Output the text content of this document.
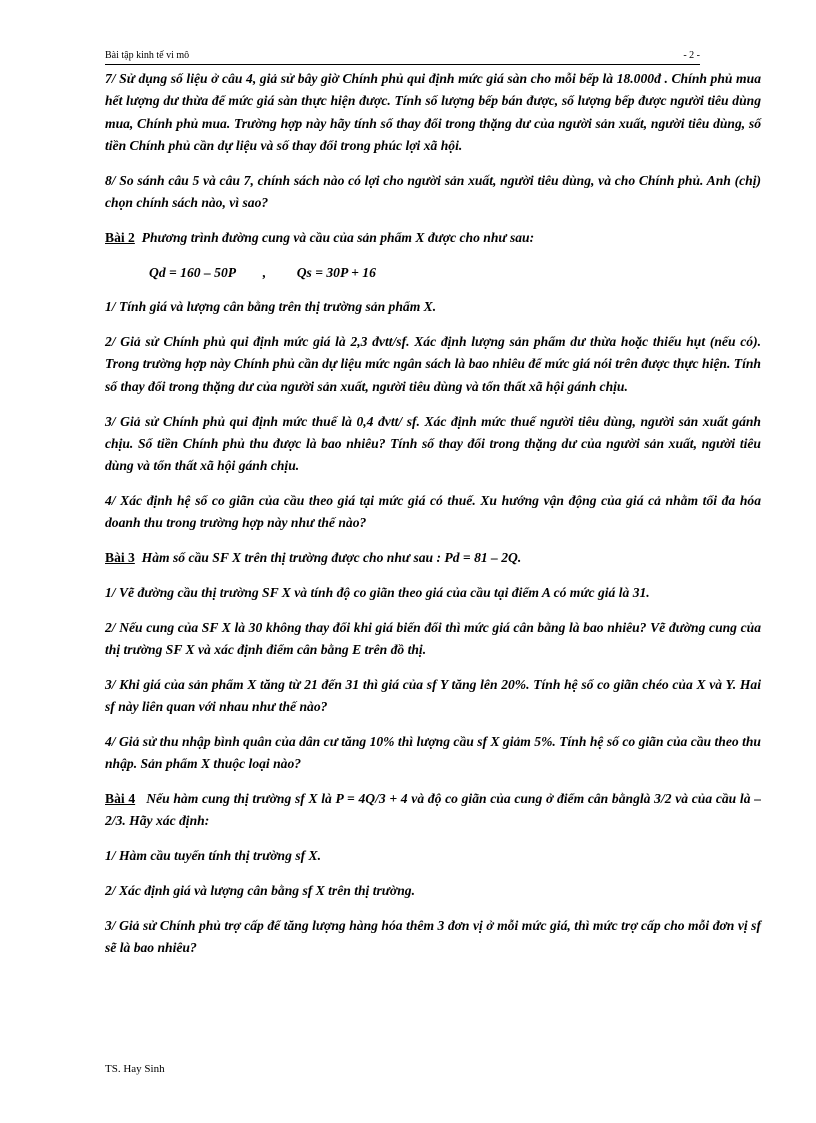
Bài tập kinh tế vi mô	- 2 -

7/ Sử dụng số liệu ở câu 4, giả sử bây giờ Chính phủ qui định mức giá sàn cho mỗi bếp là 18.000đ . Chính phủ mua hết lượng dư thừa để mức giá sàn thực hiện được. Tính số lượng bếp bán được, số lượng bếp được người tiêu dùng mua, Chính phủ mua. Trường hợp này hãy tính số thay đổi trong thặng dư của người sản xuất, người tiêu dùng, số tiền Chính phủ cần dự liệu và số thay đổi trong phúc lợi xã hội.

8/ So sánh câu 5 và câu 7, chính sách nào có lợi cho người sản xuất, người tiêu dùng, và cho Chính phủ. Anh (chị) chọn chính sách nào, vì sao?

Bài 2 Phương trình đường cung và cầu của sản phẩm X được cho như sau:

Qd = 160 – 50P        ,         Qs = 30P + 16

1/ Tính giá và lượng cân bằng trên thị trường sản phẩm X.

2/ Giả sử Chính phủ qui định mức giá là 2,3 đvtt/sf. Xác định lượng sản phẩm dư thừa hoặc thiếu hụt (nếu có). Trong trường hợp này Chính phủ cần dự liệu mức ngân sách là bao nhiêu để mức giá nói trên được thực hiện. Tính số thay đổi trong thặng dư của người sản xuất, người tiêu dùng và tổn thất xã hội gánh chịu.

3/ Giả sử Chính phủ qui định mức thuế là 0,4 đvtt/ sf. Xác định mức thuế người tiêu dùng, người sản xuất gánh chịu. Số tiền Chính phủ thu được là bao nhiêu? Tính số thay đổi trong thặng dư của người sản xuất, người tiêu dùng và tổn thất xã hội gánh chịu.

4/ Xác định hệ số co giãn của cầu theo giá tại mức giá có thuế. Xu hướng vận động của giá cả nhằm tối đa hóa doanh thu trong trường hợp này như thế nào?

Bài 3 Hàm số cầu SF X trên thị trường được cho như sau : Pd = 81 – 2Q.

1/ Vẽ đường cầu thị trường SF X và tính độ co giãn theo giá của cầu tại điểm A có mức giá là 31.

2/ Nếu cung của SF X là 30 không thay đổi khi giá biến đổi thì mức giá cân bằng là bao nhiêu? Vẽ đường cung của thị trường SF X và xác định điểm cân bằng E trên đồ thị.

3/ Khi giá của sản phẩm X tăng từ 21 đến 31 thì giá của sf Y tăng lên 20%. Tính hệ số co giãn chéo của X và Y. Hai sf này liên quan với nhau như thế nào?

4/ Giả sử thu nhập bình quân của dân cư tăng 10% thì lượng cầu sf X giảm 5%. Tính hệ số co giãn của cầu theo thu nhập. Sản phẩm X thuộc loại nào?

Bài 4 Nếu hàm cung thị trường sf X là P = 4Q/3 + 4 và độ co giãn của cung ở điểm cân bằnglà 3/2 và của cầu là –2/3. Hãy xác định:

1/ Hàm cầu tuyến tính thị trường sf X.

2/ Xác định giá và lượng cân bằng sf X trên thị trường.

3/ Giả sử Chính phủ trợ cấp để tăng lượng hàng hóa thêm 3 đơn vị ở mỗi mức giá, thì mức trợ cấp cho mỗi đơn vị sf sẽ là bao nhiêu?

TS. Hay Sinh
